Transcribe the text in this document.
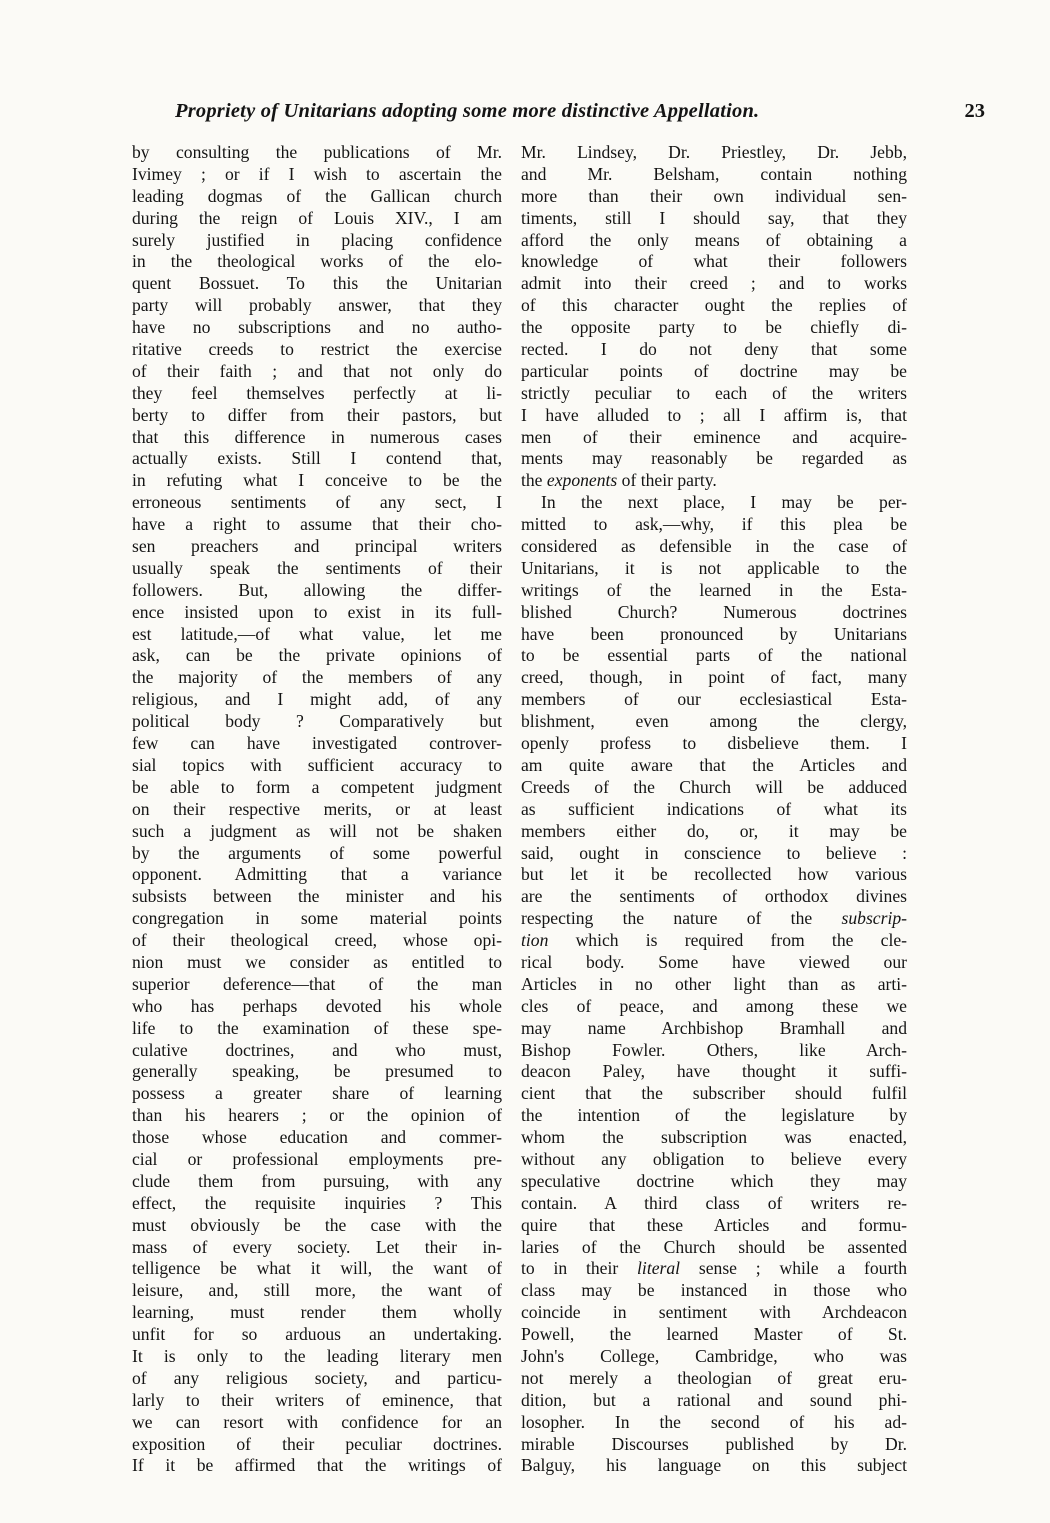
Propriety of Unitarians adopting some more distinctive Appellation.	23
by consulting the publications of Mr.
Ivimey ; or if I wish to ascertain the
leading dogmas of the Gallican church
during the reign of Louis XIV., I am
surely justified in placing confidence
in the theological works of the elo-
quent Bossuet. To this the Unitarian
party will probably answer, that they
have no subscriptions and no autho-
ritative creeds to restrict the exercise
of their faith ; and that not only do
they feel themselves perfectly at li-
berty to differ from their pastors, but
that this difference in numerous cases
actually exists. Still I contend that,
in refuting what I conceive to be the
erroneous sentiments of any sect, I
have a right to assume that their cho-
sen preachers and principal writers
usually speak the sentiments of their
followers. But, allowing the differ-
ence insisted upon to exist in its full-
est latitude,—of what value, let me
ask, can be the private opinions of
the majority of the members of any
religious, and I might add, of any
political body ? Comparatively but
few can have investigated controver-
sial topics with sufficient accuracy to
be able to form a competent judgment
on their respective merits, or at least
such a judgment as will not be shaken
by the arguments of some powerful
opponent. Admitting that a variance
subsists between the minister and his
congregation in some material points
of their theological creed, whose opi-
nion must we consider as entitled to
superior deference—that of the man
who has perhaps devoted his whole
life to the examination of these spe-
culative doctrines, and who must,
generally speaking, be presumed to
possess a greater share of learning
than his hearers ; or the opinion of
those whose education and commer-
cial or professional employments pre-
clude them from pursuing, with any
effect, the requisite inquiries ? This
must obviously be the case with the
mass of every society. Let their in-
telligence be what it will, the want of
leisure, and, still more, the want of
learning, must render them wholly
unfit for so arduous an undertaking.
It is only to the leading literary men
of any religious society, and particu-
larly to their writers of eminence, that
we can resort with confidence for an
exposition of their peculiar doctrines.
If it be affirmed that the writings of
Mr. Lindsey, Dr. Priestley, Dr. Jebb,
and Mr. Belsham, contain nothing
more than their own individual sen-
timents, still I should say, that they
afford the only means of obtaining a
knowledge of what their followers
admit into their creed ; and to works
of this character ought the replies of
the opposite party to be chiefly di-
rected. I do not deny that some
particular points of doctrine may be
strictly peculiar to each of the writers
I have alluded to ; all I affirm is, that
men of their eminence and acquire-
ments may reasonably be regarded as
the exponents of their party.
In the next place, I may be per-
mitted to ask,—why, if this plea be
considered as defensible in the case of
Unitarians, it is not applicable to the
writings of the learned in the Esta-
blished Church? Numerous doctrines
have been pronounced by Unitarians
to be essential parts of the national
creed, though, in point of fact, many
members of our ecclesiastical Esta-
blishment, even among the clergy,
openly profess to disbelieve them. I
am quite aware that the Articles and
Creeds of the Church will be adduced
as sufficient indications of what its
members either do, or, it may be
said, ought in conscience to believe :
but let it be recollected how various
are the sentiments of orthodox divines
respecting the nature of the subscrip-
tion which is required from the cle-
rical body. Some have viewed our
Articles in no other light than as arti-
cles of peace, and among these we
may name Archbishop Bramhall and
Bishop Fowler. Others, like Arch-
deacon Paley, have thought it suffi-
cient that the subscriber should fulfil
the intention of the legislature by
whom the subscription was enacted,
without any obligation to believe every
speculative doctrine which they may
contain. A third class of writers re-
quire that these Articles and formu-
laries of the Church should be assented
to in their literal sense ; while a fourth
class may be instanced in those who
coincide in sentiment with Archdeacon
Powell, the learned Master of St.
John's College, Cambridge, who was
not merely a theologian of great eru-
dition, but a rational and sound phi-
losopher. In the second of his ad-
mirable Discourses published by Dr.
Balguy, his language on this subject
